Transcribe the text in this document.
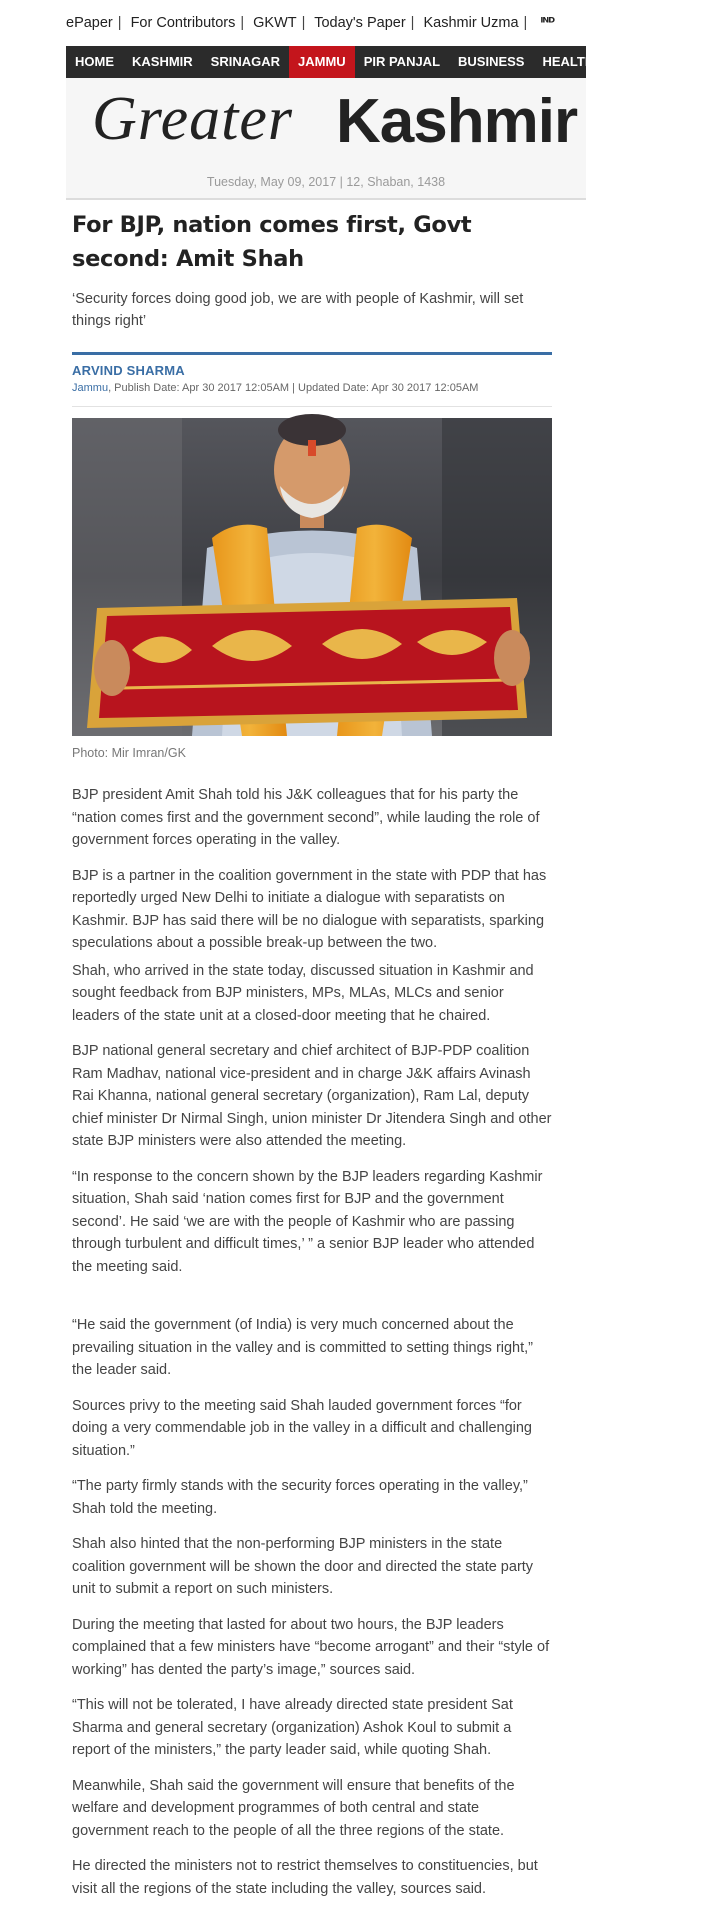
ePaper | For Contributors | GKWT | Today's Paper | Kashmir Uzma | ᴵᴺᴰ
HOME	KASHMIR	SRINAGAR	JAMMU	PIR PANJAL	BUSINESS	HEALTH	LIFE & STYLE
Greater Kashmir
Tuesday, May 09, 2017 | 12, Shaban, 1438
For BJP, nation comes first, Govt second: Amit Shah
‘Security forces doing good job, we are with people of Kashmir, will set things right’
ARVIND SHARMA
Jammu, Publish Date: Apr 30 2017 12:05AM | Updated Date: Apr 30 2017 12:05AM
Photo: Mir Imran/GK

BJP president Amit Shah told his J&K colleagues that for his party the “nation comes first and the government second”, while lauding the role of government forces operating in the valley.

BJP is a partner in the coalition government in the state with PDP that has reportedly urged New Delhi to initiate a dialogue with separatists on Kashmir. BJP has said there will be no dialogue with separatists, sparking speculations about a possible break-up between the two.

Shah, who arrived in the state today, discussed situation in Kashmir and sought feedback from BJP ministers, MPs, MLAs, MLCs and senior leaders of the state unit at a closed-door meeting that he chaired.

BJP national general secretary and chief architect of BJP-PDP coalition Ram Madhav, national vice-president and in charge J&K affairs Avinash Rai Khanna, national general secretary (organization), Ram Lal, deputy chief minister Dr Nirmal Singh, union minister Dr Jitendera Singh and other state BJP ministers were also attended the meeting.

“In response to the concern shown by the BJP leaders regarding Kashmir situation, Shah said ‘nation comes first for BJP and the government second’. He said ‘we are with the people of Kashmir who are passing through turbulent and difficult times,’ ” a senior BJP leader who attended the meeting said.

“He said the government (of India) is very much concerned about the prevailing situation in the valley and is committed to setting things right,” the leader said.

Sources privy to the meeting said Shah lauded government forces “for doing a very commendable job in the valley in a difficult and challenging situation.”

“The party firmly stands with the security forces operating in the valley,” Shah told the meeting.

Shah also hinted that the non-performing BJP ministers in the state coalition government will be shown the door and directed the state party unit to submit a report on such ministers.

During the meeting that lasted for about two hours, the BJP leaders complained that a few ministers have “become arrogant” and their “style of working” has dented the party’s image,” sources said.

“This will not be tolerated, I have already directed state president Sat Sharma and general secretary (organization) Ashok Koul to submit a report of the ministers,” the party leader said, while quoting Shah.

Meanwhile, Shah said the government will ensure that benefits of the welfare and development programmes of both central and state government reach to the people of all the three regions of the state.

He directed the ministers not to restrict themselves to constituencies, but visit all the regions of the state including the valley, sources said.
